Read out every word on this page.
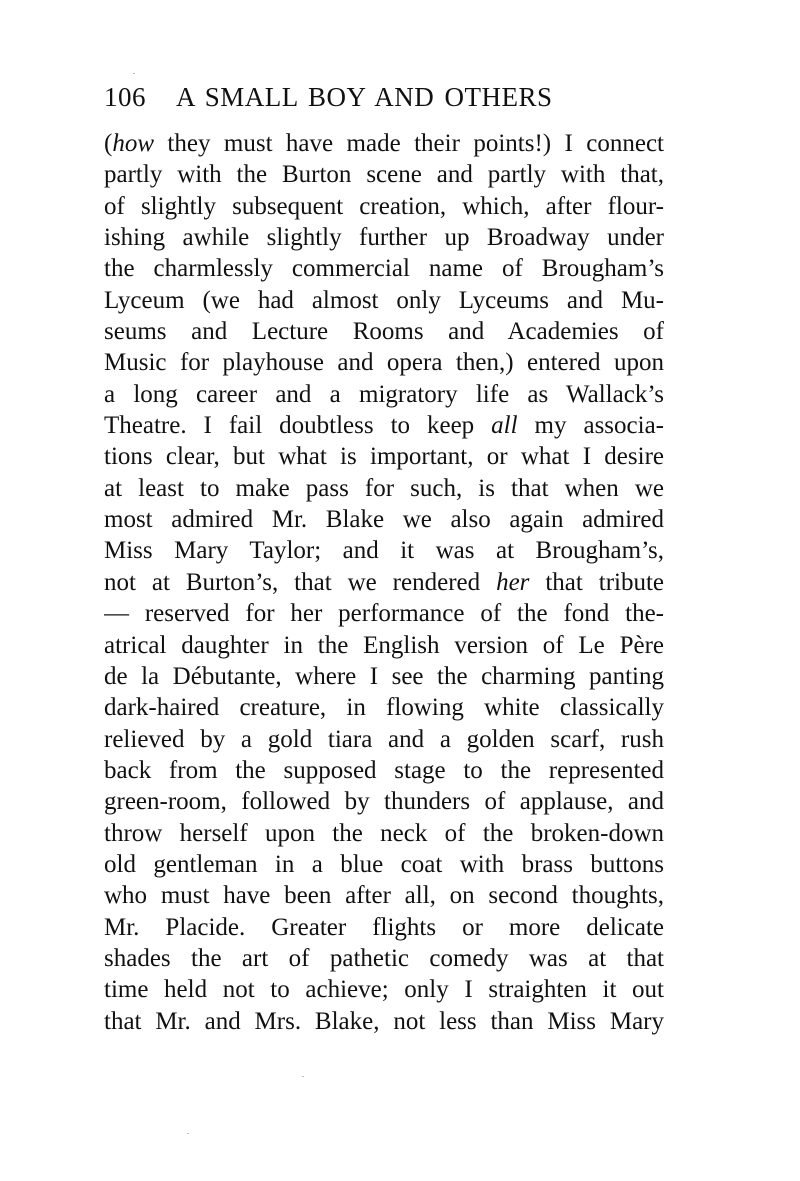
106 A SMALL BOY AND OTHERS
(how they must have made their points!) I connect
partly with the Burton scene and partly with that,
of slightly subsequent creation, which, after flour-
ishing awhile slightly further up Broadway under
the charmlessly commercial name of Brougham’s
Lyceum (we had almost only Lyceums and Mu-
seums and Lecture Rooms and Academies of
Music for playhouse and opera then,) entered upon
a long career and a migratory life as Wallack’s
Theatre. I fail doubtless to keep all my associa-
tions clear, but what is important, or what I desire
at least to make pass for such, is that when we
most admired Mr. Blake we also again admired
Miss Mary Taylor; and it was at Brougham’s,
not at Burton’s, that we rendered her that tribute
— reserved for her performance of the fond the-
atrical daughter in the English version of Le Père
de la Débutante, where I see the charming panting
dark-haired creature, in flowing white classically
relieved by a gold tiara and a golden scarf, rush
back from the supposed stage to the represented
green-room, followed by thunders of applause, and
throw herself upon the neck of the broken-down
old gentleman in a blue coat with brass buttons
who must have been after all, on second thoughts,
Mr. Placide. Greater flights or more delicate
shades the art of pathetic comedy was at that
time held not to achieve; only I straighten it out
that Mr. and Mrs. Blake, not less than Miss Mary
